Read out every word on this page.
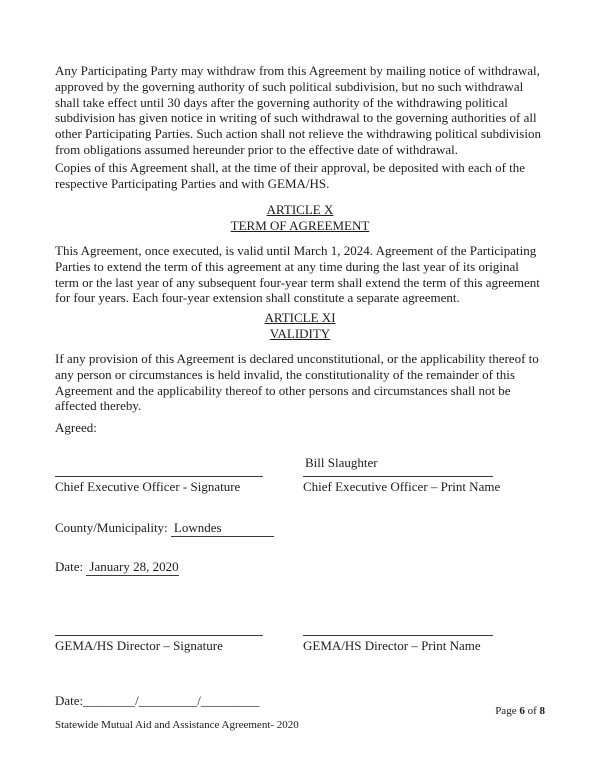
Any Participating Party may withdraw from this Agreement by mailing notice of withdrawal, approved by the governing authority of such political subdivision, but no such withdrawal shall take effect until 30 days after the governing authority of the withdrawing political subdivision has given notice in writing of such withdrawal to the governing authorities of all other Participating Parties. Such action shall not relieve the withdrawing political subdivision from obligations assumed hereunder prior to the effective date of withdrawal.
Copies of this Agreement shall, at the time of their approval, be deposited with each of the respective Participating Parties and with GEMA/HS.
ARTICLE X
TERM OF AGREEMENT
This Agreement, once executed, is valid until March 1, 2024. Agreement of the Participating Parties to extend the term of this agreement at any time during the last year of its original term or the last year of any subsequent four-year term shall extend the term of this agreement for four years. Each four-year extension shall constitute a separate agreement.
ARTICLE XI
VALIDITY
If any provision of this Agreement is declared unconstitutional, or the applicability thereof to any person or circumstances is held invalid, the constitutionality of the remainder of this Agreement and the applicability thereof to other persons and circumstances shall not be affected thereby.
Agreed:
Chief Executive Officer - Signature
Bill Slaughter
Chief Executive Officer – Print Name
County/Municipality: Lowndes
Date: January 28, 2020
GEMA/HS Director – Signature	GEMA/HS Director – Print Name
Date:________/_________/_________
Page 6 of 8
Statewide Mutual Aid and Assistance Agreement- 2020
